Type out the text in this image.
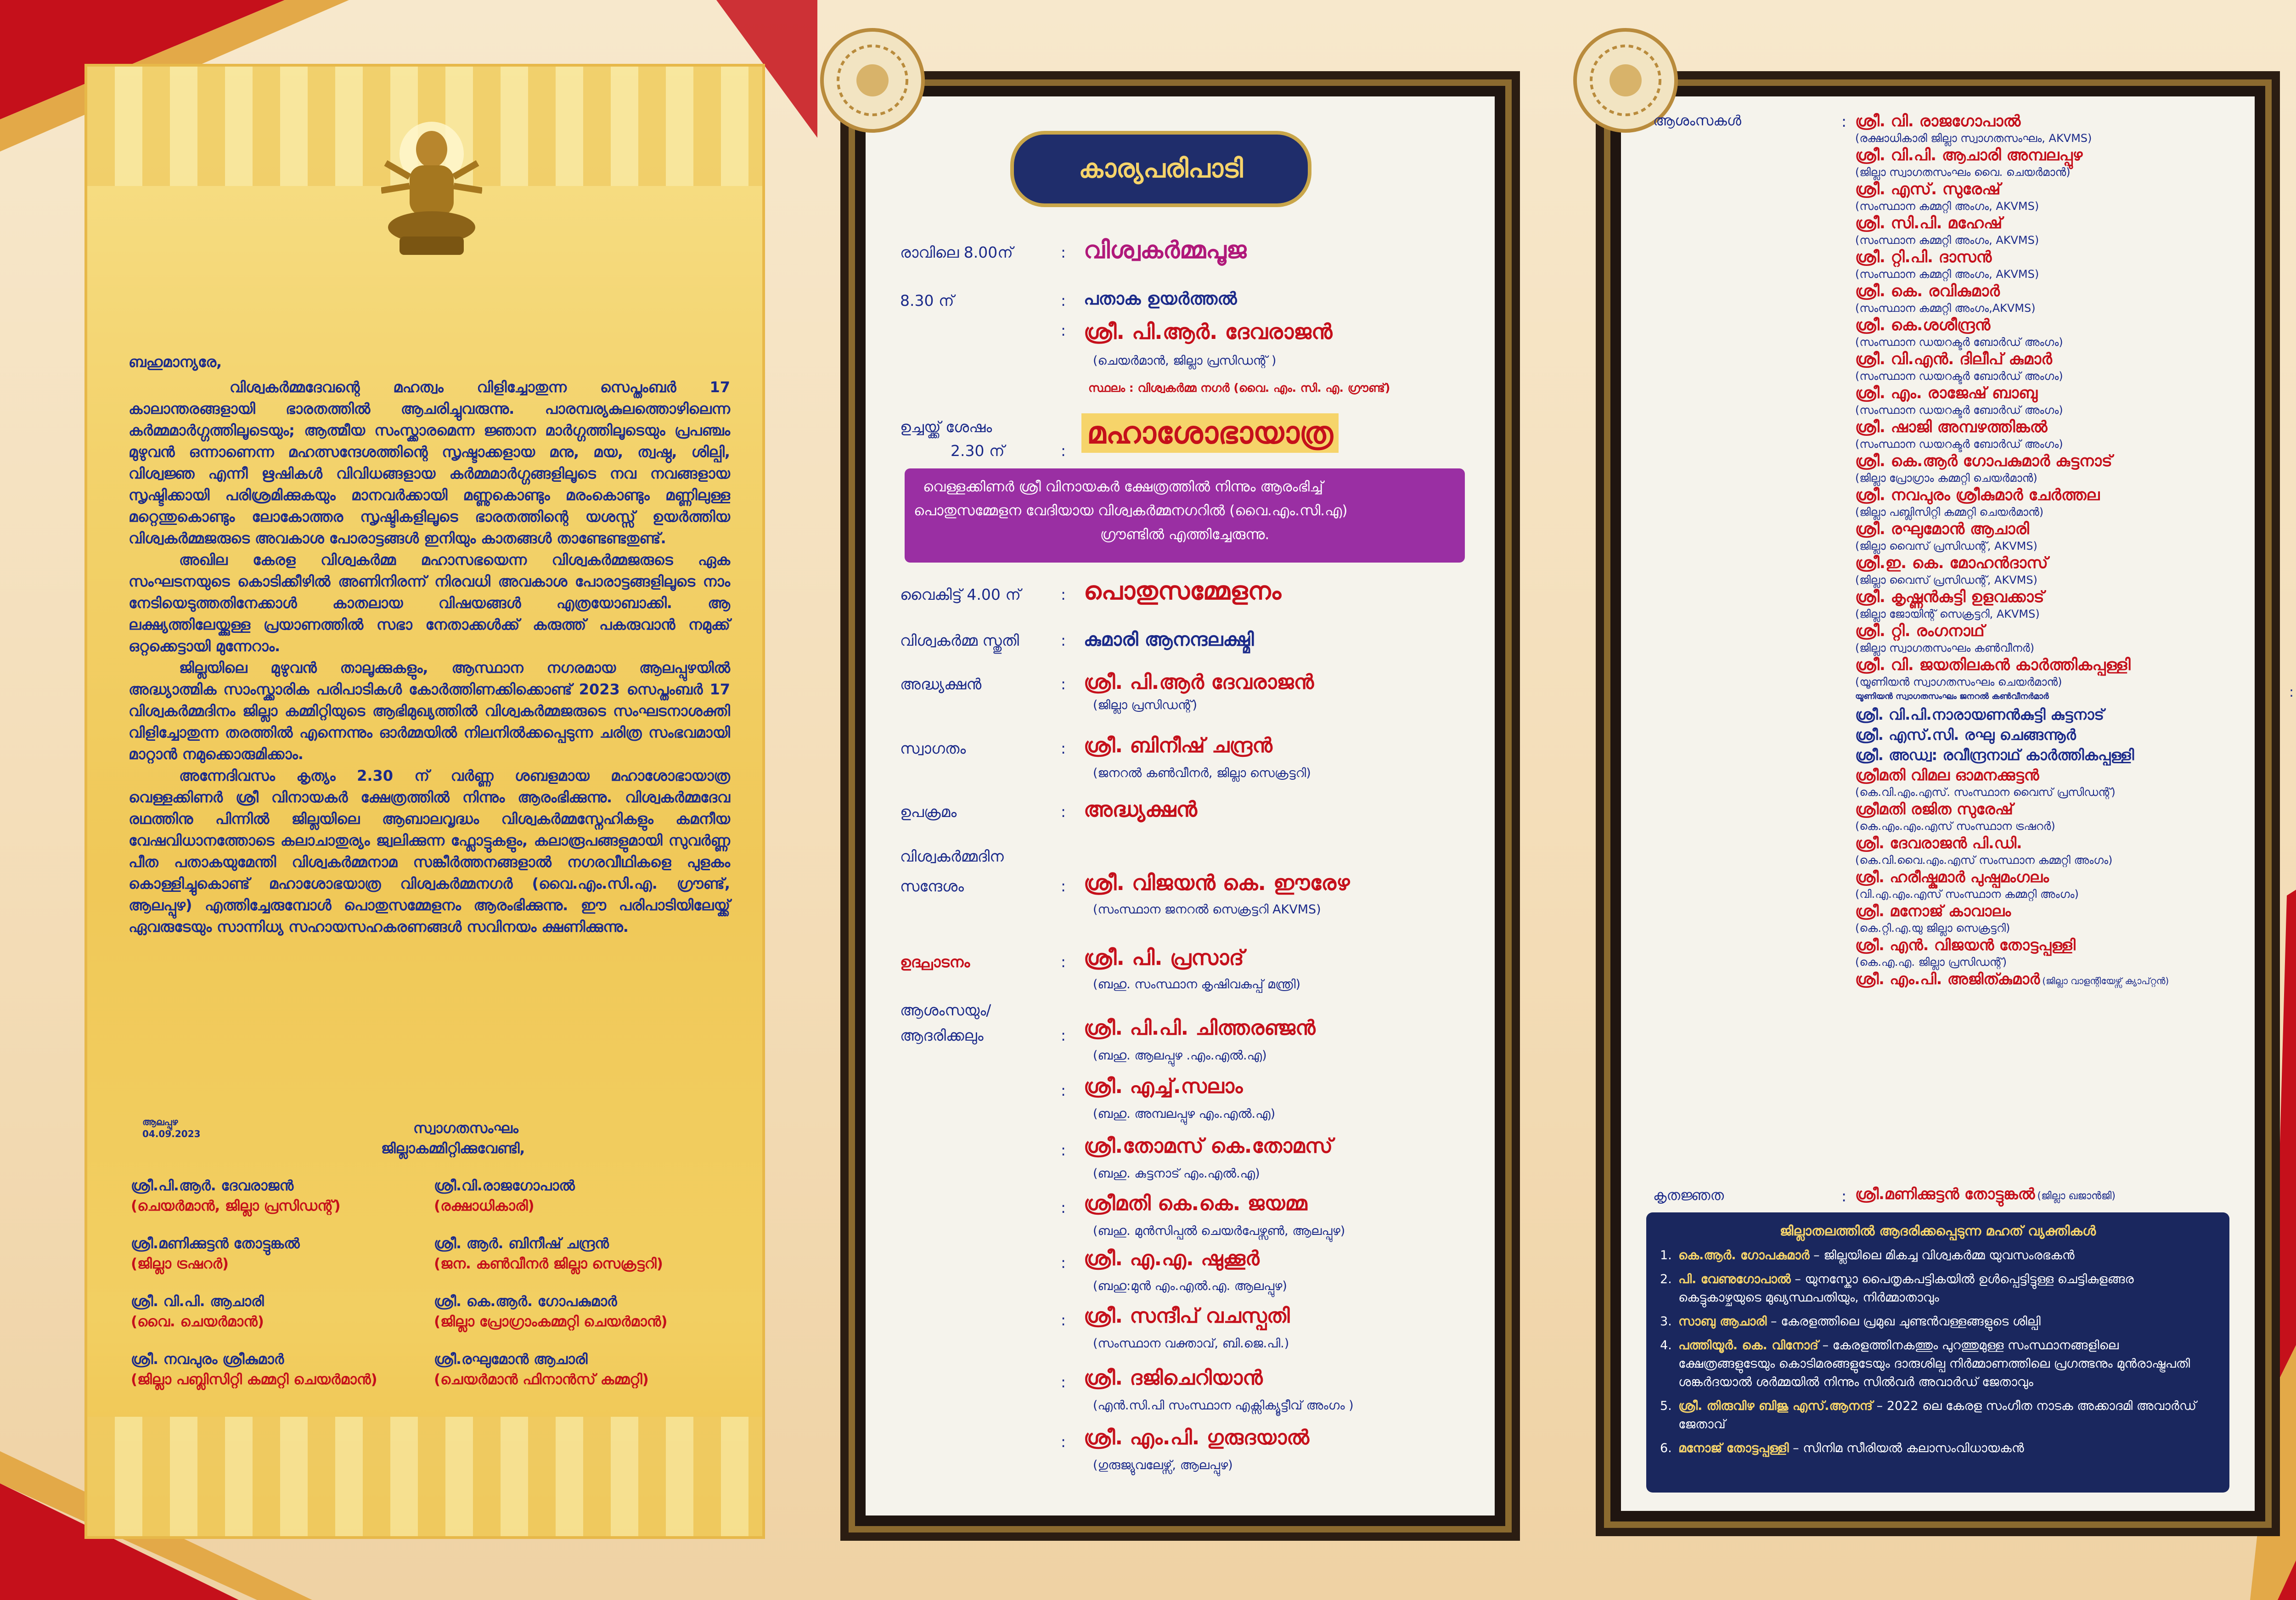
ബഹുമാന്യരേ,

വിശ്വകർമ്മദേവന്റെ മഹത്വം വിളിച്ചോതുന്ന സെപ്തംബർ 17 കാലാന്തരങ്ങളായി ഭാരതത്തിൽ ആചരിച്ചുവരുന്നു. പാരമ്പര്യകുലത്തൊഴിലെന്ന കർമ്മമാർഗ്ഗത്തിലൂടെയും; ആത്മീയ സംസ്ക്കാരമെന്ന ജ്ഞാന മാർഗ്ഗത്തിലൂടെയും പ്രപഞ്ചം മുഴുവൻ ഒന്നാണെന്ന മഹത്സന്ദേശത്തിന്റെ സൃഷ്ടാക്കളായ മനു, മയ, ത്വഷ്ഠ, ശില്പി, വിശ്വജ്ഞ എന്നീ ഋഷികൾ വിവിധങ്ങളായ കർമ്മമാർഗ്ഗങ്ങളിലൂടെ നവ നവങ്ങളായ സൃഷ്ടിക്കായി പരിശ്രമിക്കുകയും മാനവർക്കായി മണ്ണുകൊണ്ടും മരംകൊണ്ടും മണ്ണിലുള്ള മറ്റെന്തുകൊണ്ടും ലോകോത്തര സൃഷ്ടികളിലൂടെ ഭാരതത്തിന്റെ യശസ്സ് ഉയർത്തിയ വിശ്വകർമ്മജരുടെ അവകാശ പോരാട്ടങ്ങൾ ഇനിയും കാതങ്ങൾ താണ്ടേണ്ടതുണ്ട്.

അഖില കേരള വിശ്വകർമ്മ മഹാസഭയെന്ന വിശ്വകർമ്മജരുടെ ഏക സംഘടനയുടെ കൊടിക്കീഴിൽ അണിനിരന്ന് നിരവധി അവകാശ പോരാട്ടങ്ങളിലൂടെ നാം നേടിയെടുത്തതിനേക്കാൾ കാതലായ വിഷയങ്ങൾ എത്രയോബാക്കി. ആ ലക്ഷ്യത്തിലേയ്ക്കുള്ള പ്രയാണത്തിൽ സഭാ നേതാക്കൾക്ക് കരുത്ത് പകരുവാൻ നമുക്ക് ഒറ്റക്കെട്ടായി മുന്നേറാം.

ജില്ലയിലെ മുഴുവൻ താലൂക്കുകളും, ആസ്ഥാന നഗരമായ ആലപ്പുഴയിൽ അദ്ധ്യാത്മിക സാംസ്ക്കാരിക പരിപാടികൾ കോർത്തിണക്കിക്കൊണ്ട് 2023 സെപ്തംബർ 17 വിശ്വകർമ്മദിനം ജില്ലാ കമ്മിറ്റിയുടെ ആഭിമുഖ്യത്തിൽ വിശ്വകർമ്മജരുടെ സംഘടനാശക്തി വിളിച്ചോതുന്ന തരത്തിൽ എന്നെന്നും ഓർമ്മയിൽ നിലനിൽക്കപ്പെടുന്ന ചരിത്ര സംഭവമായി മാറ്റാൻ നമുക്കൊരുമിക്കാം.

അന്നേദിവസം കൃത്യം 2.30 ന് വർണ്ണ ശബളമായ മഹാശോഭായാത്ര വെള്ളക്കിണർ ശ്രീ വിനായകർ ക്ഷേത്രത്തിൽ നിന്നും ആരംഭിക്കുന്നു. വിശ്വകർമ്മദേവ രഥത്തിനു പിന്നിൽ ജില്ലയിലെ ആബാലവൃദ്ധം വിശ്വകർമ്മസ്നേഹികളും കമനീയ വേഷവിധാനത്തോടെ കലാചാതുര്യം ജ്വലിക്കുന്ന ഫ്ലോട്ടുകളും, കലാരൂപങ്ങളുമായി സുവർണ്ണ പീത പതാകയുമേന്തി വിശ്വകർമ്മനാമ സങ്കീർത്തനങ്ങളാൽ നഗരവീഥികളെ പുളകം കൊള്ളിച്ചുകൊണ്ട് മഹാശോഭയാത്ര വിശ്വകർമ്മനഗർ (വൈ.എം.സി.എ. ഗ്രൗണ്ട്, ആലപ്പുഴ) എത്തിച്ചേരുമ്പോൾ പൊതുസമ്മേളനം ആരംഭിക്കുന്നു. ഈ പരിപാടിയിലേയ്ക്ക് ഏവരുടേയും സാന്നിധ്യ സഹായസഹകരണങ്ങൾ സവിനയം ക്ഷണിക്കുന്നു.

സ്വാഗതസംഘം
ജില്ലാകമ്മിറ്റിക്കുവേണ്ടി,
ആലപ്പുഴ
04.09.2023
ശ്രീ.പി.ആർ. ദേവരാജൻ
(ചെയർമാൻ, ജില്ലാ പ്രസിഡന്റ്)
ശ്രീ.വി.രാജഗോപാൽ
(രക്ഷാധികാരി)
ശ്രീ.മണിക്കുട്ടൻ തോട്ടുങ്കൽ
(ജില്ലാ ട്രഷറർ)
ശ്രീ. ആർ. ബിനീഷ് ചന്ദ്രൻ
(ജന. കൺവീനർ ജില്ലാ സെക്രട്ടറി)
ശ്രീ. വി.പി. ആചാരി
(വൈ. ചെയർമാൻ)
ശ്രീ. കെ.ആർ. ഗോപകുമാർ
(ജില്ലാ പ്രോഗ്രാംകമ്മറ്റി ചെയർമാൻ)
ശ്രീ. നവപുരം ശ്രീകുമാർ
(ജില്ലാ പബ്ലിസിറ്റി കമ്മറ്റി ചെയർമാൻ)
ശ്രീ.രഘുമോൻ ആചാരി
(ചെയർമാൻ ഫിനാൻസ് കമ്മറ്റി)
കാര്യപരിപാടി
രാവിലെ 8.00ന്	: വിശ്വകർമ്മപൂജ
8.30 ന്	: പതാക ഉയർത്തൽ
: ശ്രീ. പി.ആർ. ദേവരാജൻ
(ചെയർമാൻ, ജില്ലാ പ്രസിഡന്റ് )
സ്ഥലം : വിശ്വകർമ്മ നഗർ (വൈ. എം. സി. എ. ഗ്രൗണ്ട്)
ഉച്ചയ്ക്ക് ശേഷം
2.30 ന്	:
മഹാശോഭായാത്ര
വെള്ളക്കിണർ ശ്രീ വിനായകർ ക്ഷേത്രത്തിൽ നിന്നും ആരംഭിച്ച്
പൊതുസമ്മേളന വേദിയായ വിശ്വകർമ്മനഗറിൽ (വൈ.എം.സി.എ)
ഗ്രൗണ്ടിൽ എത്തിച്ചേരുന്നു.
വൈകിട്ട് 4.00 ന്	: പൊതുസമ്മേളനം
വിശ്വകർമ്മ സ്തുതി	: കുമാരി ആനന്ദലക്ഷ്മി
അദ്ധ്യക്ഷൻ	: ശ്രീ. പി.ആർ ദേവരാജൻ
(ജില്ലാ പ്രസിഡന്റ്)
സ്വാഗതം	: ശ്രീ. ബിനീഷ് ചന്ദ്രൻ
(ജനറൽ കൺവീനർ, ജില്ലാ സെക്രട്ടറി)
ഉപക്രമം	: അദ്ധ്യക്ഷൻ
വിശ്വകർമ്മദിന
സന്ദേശം	: ശ്രീ. വിജയൻ കെ. ഈരേഴ
(സംസ്ഥാന ജനറൽ സെക്രട്ടറി AKVMS)
ഉദ്ഘാടനം	: ശ്രീ. പി. പ്രസാദ്
(ബഹു. സംസ്ഥാന കൃഷിവകുപ്പ് മന്ത്രി)
ആശംസയും/
ആദരിക്കലും	: ശ്രീ. പി.പി. ചിത്തരഞ്ജൻ
(ബഹു. ആലപ്പുഴ .എം.എൽ.എ)
: ശ്രീ. എച്ച്.സലാം
(ബഹു. അമ്പലപ്പുഴ എം.എൽ.എ)
: ശ്രീ.തോമസ് കെ.തോമസ്
(ബഹു. കുട്ടനാട് എം.എൽ.എ)
: ശ്രീമതി കെ.കെ. ജയമ്മ
(ബഹു. മുൻസിപ്പൽ ചെയർപേഴ്സൺ, ആലപ്പുഴ)
: ശ്രീ. എ.എ. ഷുക്കൂർ
(ബഹു:മുൻ എം.എൽ.എ. ആലപ്പുഴ)
: ശ്രീ. സന്ദീപ് വചസ്പതി
(സംസ്ഥാന വക്താവ്, ബി.ജെ.പി.)
: ശ്രീ. ദജിചെറിയാൻ
(എൻ.സി.പി സംസ്ഥാന എക്സിക്യൂട്ടീവ് അംഗം )
: ശ്രീ. എം.പി. ഗുരുദയാൽ
(ഗുരുജ്യുവലേഴ്സ്, ആലപ്പുഴ)
ആശംസകൾ	: ശ്രീ. വി. രാജഗോപാൽ
(രക്ഷാധികാരി ജില്ലാ സ്വാഗതസംഘം, AKVMS)
ശ്രീ. വി.പി. ആചാരി അമ്പലപ്പുഴ
(ജില്ലാ സ്വാഗതസംഘം വൈ. ചെയർമാൻ)
ശ്രീ. എസ്. സുരേഷ്
(സംസ്ഥാന കമ്മറ്റി അംഗം, AKVMS)
ശ്രീ. സി.പി. മഹേഷ്
(സംസ്ഥാന കമ്മറ്റി അംഗം, AKVMS)
ശ്രീ. റ്റി.പി. ദാസൻ
(സംസ്ഥാന കമ്മറ്റി അംഗം, AKVMS)
ശ്രീ. കെ. രവികുമാർ
(സംസ്ഥാന കമ്മറ്റി അംഗം,AKVMS)
ശ്രീ. കെ.ശശീന്ദ്രൻ
(സംസ്ഥാന ഡയറക്ടർ ബോർഡ് അംഗം)
ശ്രീ. വി.എൻ. ദിലീപ് കുമാർ
(സംസ്ഥാന ഡയറക്ടർ ബോർഡ് അംഗം)
ശ്രീ. എം. രാജേഷ് ബാബു
(സംസ്ഥാന ഡയറക്ടർ ബോർഡ് അംഗം)
ശ്രീ. ഷാജി അമ്പഴത്തിങ്കൽ
(സംസ്ഥാന ഡയറക്ടർ ബോർഡ് അംഗം)
ശ്രീ. കെ.ആർ ഗോപകുമാർ കുട്ടനാട്
(ജില്ലാ പ്രോഗ്രാം കമ്മറ്റി ചെയർമാൻ)
ശ്രീ. നവപുരം ശ്രീകുമാർ ചേർത്തല
(ജില്ലാ പബ്ലിസിറ്റി കമ്മറ്റി ചെയർമാൻ)
ശ്രീ. രഘുമോൻ ആചാരി
(ജില്ലാ വൈസ് പ്രസിഡന്റ്, AKVMS)
ശ്രീ.ഇ. കെ. മോഹൻദാസ്
(ജില്ലാ വൈസ് പ്രസിഡന്റ്, AKVMS)
ശ്രീ. കൃഷ്ണൻകുട്ടി ഉളവക്കാട്
(ജില്ലാ ജോയിന്റ് സെക്രട്ടറി, AKVMS)
ശ്രീ. റ്റി. രംഗനാഥ്
(ജില്ലാ സ്വാഗതസംഘം കൺവീനർ)
ശ്രീ. വി. ജയതിലകൻ കാർത്തികപ്പള്ളി
(യൂണിയൻ സ്വാഗതസംഘം ചെയർമാൻ)
യൂണിയൻ സ്വാഗതസംഘം ജനറൽ കൺവീനർമാർ
ശ്രീ. വി.പി.നാരായണൻകുട്ടി കുട്ടനാട്
ശ്രീ. എസ്.സി. രഘു ചെങ്ങന്നൂർ
ശ്രീ. അഡ്വ: രവീന്ദ്രനാഥ് കാർത്തികപ്പള്ളി
ശ്രീമതി വിമല ഓമനക്കുട്ടൻ
(കെ.വി.എം.എസ്. സംസ്ഥാന വൈസ് പ്രസിഡന്റ്)
ശ്രീമതി രജിത സുരേഷ്
(കെ.എം.എം.എസ് സംസ്ഥാന ട്രഷറർ)
ശ്രീ. ദേവരാജൻ പി.ഡി.
(കെ.വി.വൈ.എം.എസ് സംസ്ഥാന കമ്മറ്റി അംഗം)
ശ്രീ. ഹരീഷ്കുമാർ പുഷ്പമംഗലം
(വി.എ.എം.എസ് സംസ്ഥാന കമ്മറ്റി അംഗം)
ശ്രീ. മനോജ് കാവാലം
(കെ.റ്റി.എ.യു ജില്ലാ സെക്രട്ടറി)
ശ്രീ. എൻ. വിജയൻ തോട്ടപ്പള്ളി
(കെ.എ.എ. ജില്ലാ പ്രസിഡന്റ്)
ശ്രീ. എം.പി. അജിത്കുമാർ (ജില്ലാ വാളന്റിയേഴ്സ് ക്യാപ്റ്റൻ)
കൃതജ്ഞത	: ശ്രീ.മണിക്കുട്ടൻ തോട്ടുങ്കൽ (ജില്ലാ ഖജാൻജി)
:
ജില്ലാതലത്തിൽ ആദരിക്കപ്പെടുന്ന മഹത് വ്യക്തികൾ
1. കെ.ആർ. ഗോപകുമാർ – ജില്ലയിലെ മികച്ച വിശ്വകർമ്മ യുവസംരഭകൻ
2. പി. വേണുഗോപാൽ – യുനസ്കോ പൈതൃകപട്ടികയിൽ ഉൾപ്പെട്ടിട്ടുള്ള ചെട്ടികുളങ്ങര കെട്ടുകാഴ്ചയുടെ മുഖ്യസ്ഥപതിയും, നിർമ്മാതാവും
3. സാബു ആചാരി – കേരളത്തിലെ പ്രമുഖ ചുണ്ടൻവള്ളങ്ങളുടെ ശില്പി
4. പത്തിയൂർ. കെ. വിനോദ് – കേരളത്തിനകത്തും പുറത്തുമുള്ള സംസ്ഥാനങ്ങളിലെ ക്ഷേത്രങ്ങളുടേയും കൊടിമരങ്ങളുടേയും ദാരുശില്പ നിർമ്മാണത്തിലെ പ്രഗത്ഭനും മുൻരാഷ്ട്രപതി ശങ്കർദയാൽ ശർമ്മയിൽ നിന്നും സിൽവർ അവാർഡ് ജേതാവും
5. ശ്രീ. തിരുവിഴ ബിജു എസ്.ആനന്ദ് – 2022 ലെ കേരള സംഗീത നാടക അക്കാദമി അവാർഡ് ജേതാവ്
6. മനോജ് തോട്ടപ്പള്ളി – സിനിമ സീരിയൽ കലാസംവിധായകൻ
